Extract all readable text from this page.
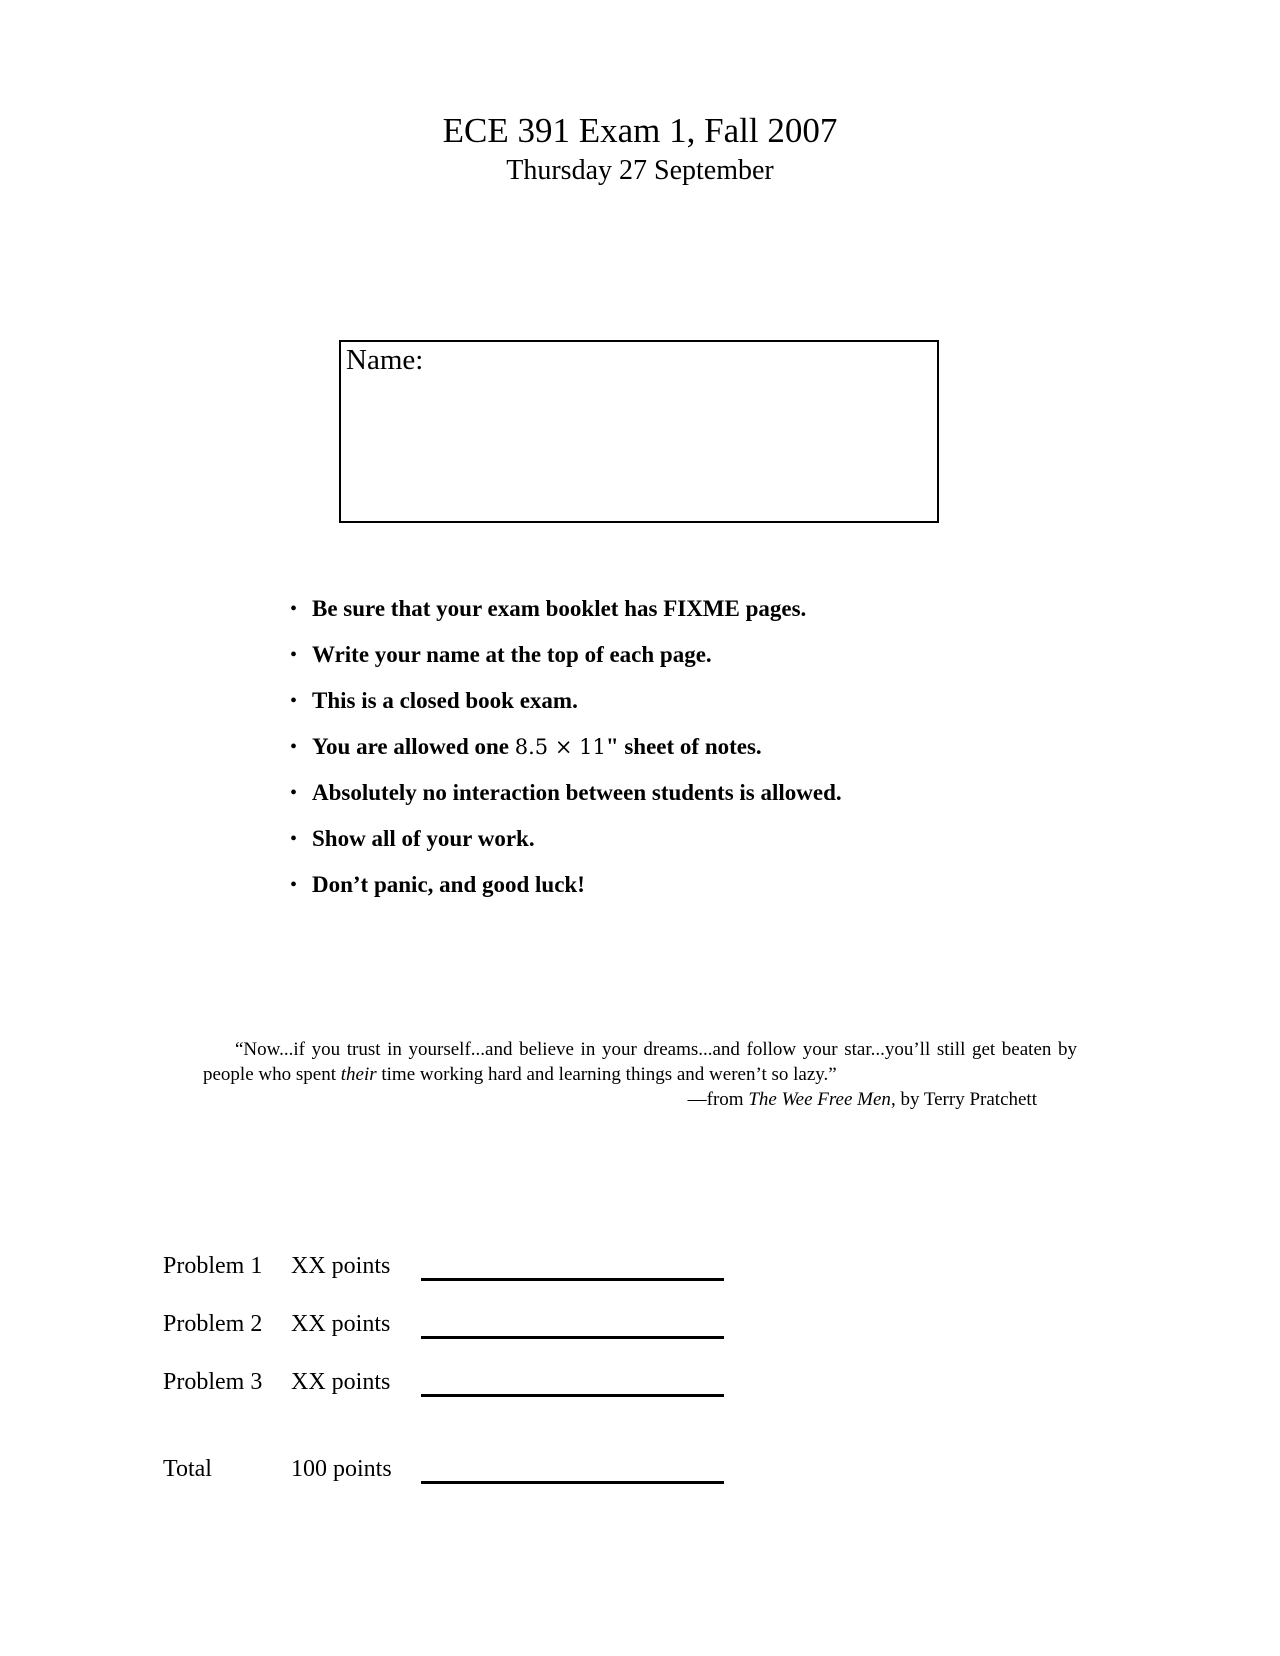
ECE 391 Exam 1, Fall 2007
Thursday 27 September
Name:
• Be sure that your exam booklet has FIXME pages.
• Write your name at the top of each page.
• This is a closed book exam.
• You are allowed one 8.5 × 11" sheet of notes.
• Absolutely no interaction between students is allowed.
• Show all of your work.
• Don’t panic, and good luck!
“Now...if you trust in yourself...and believe in your dreams...and follow your star...you’ll still get beaten by people who spent their time working hard and learning things and weren’t so lazy.”
—from The Wee Free Men, by Terry Pratchett
Problem 1 XX points
Problem 2 XX points
Problem 3 XX points
Total	100 points
